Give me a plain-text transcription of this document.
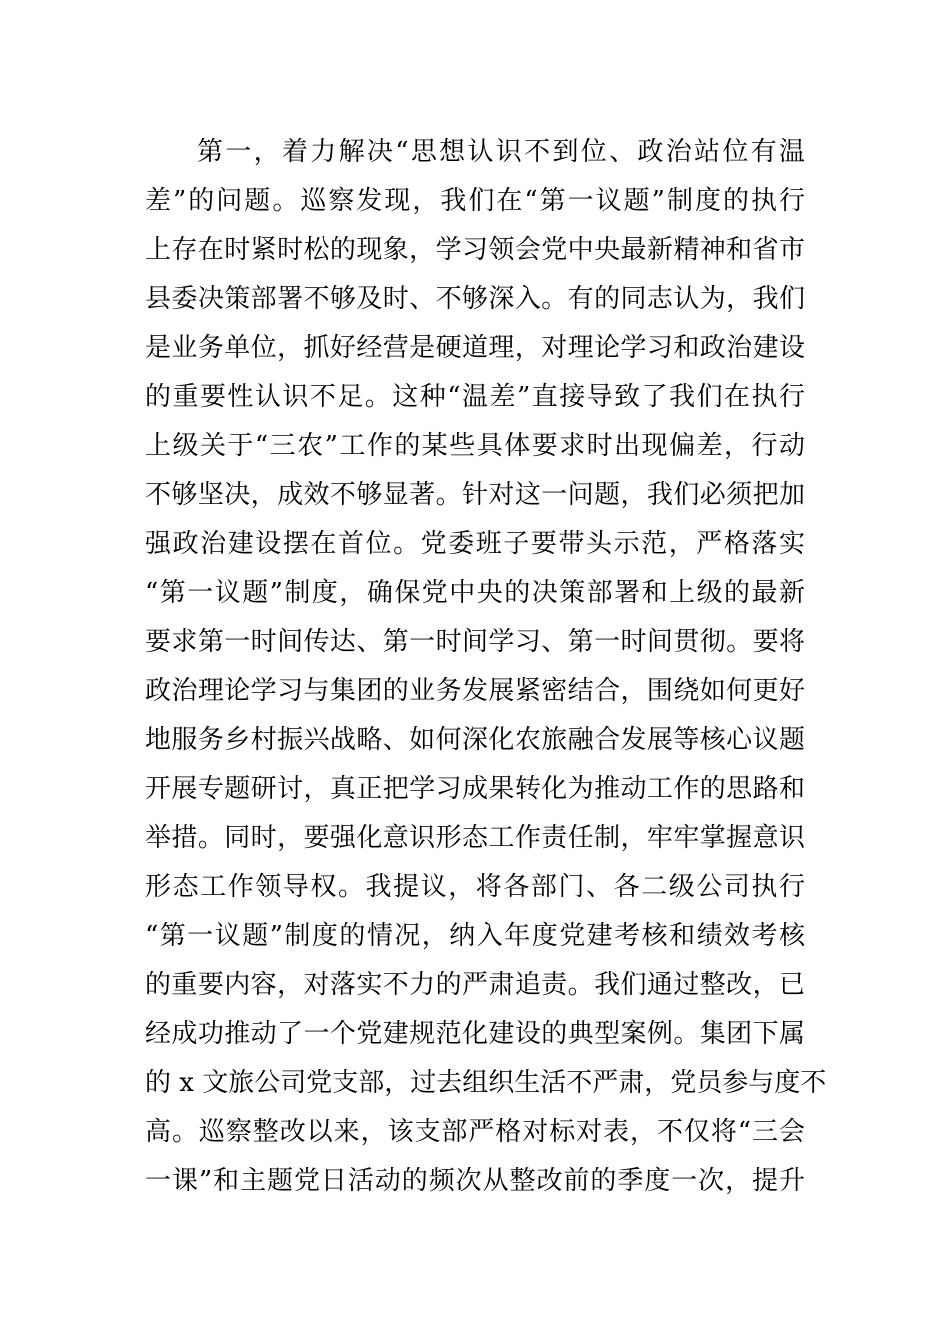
第一，着力解决“思想认识不到位、政治站位有温
差”的问题。巡察发现，我们在“第一议题”制度的执行
上存在时紧时松的现象，学习领会党中央最新精神和省市
县委决策部署不够及时、不够深入。有的同志认为，我们
是业务单位，抓好经营是硬道理，对理论学习和政治建设
的重要性认识不足。这种“温差”直接导致了我们在执行
上级关于“三农”工作的某些具体要求时出现偏差，行动
不够坚决，成效不够显著。针对这一问题，我们必须把加
强政治建设摆在首位。党委班子要带头示范，严格落实
“第一议题”制度，确保党中央的决策部署和上级的最新
要求第一时间传达、第一时间学习、第一时间贯彻。要将
政治理论学习与集团的业务发展紧密结合，围绕如何更好
地服务乡村振兴战略、如何深化农旅融合发展等核心议题
开展专题研讨，真正把学习成果转化为推动工作的思路和
举措。同时，要强化意识形态工作责任制，牢牢掌握意识
形态工作领导权。我提议，将各部门、各二级公司执行
“第一议题”制度的情况，纳入年度党建考核和绩效考核
的重要内容，对落实不力的严肃追责。我们通过整改，已
经成功推动了一个党建规范化建设的典型案例。集团下属
的 x 文旅公司党支部，过去组织生活不严肃，党员参与度不
高。巡察整改以来，该支部严格对标对表，不仅将“三会
一课”和主题党日活动的频次从整改前的季度一次，提升
